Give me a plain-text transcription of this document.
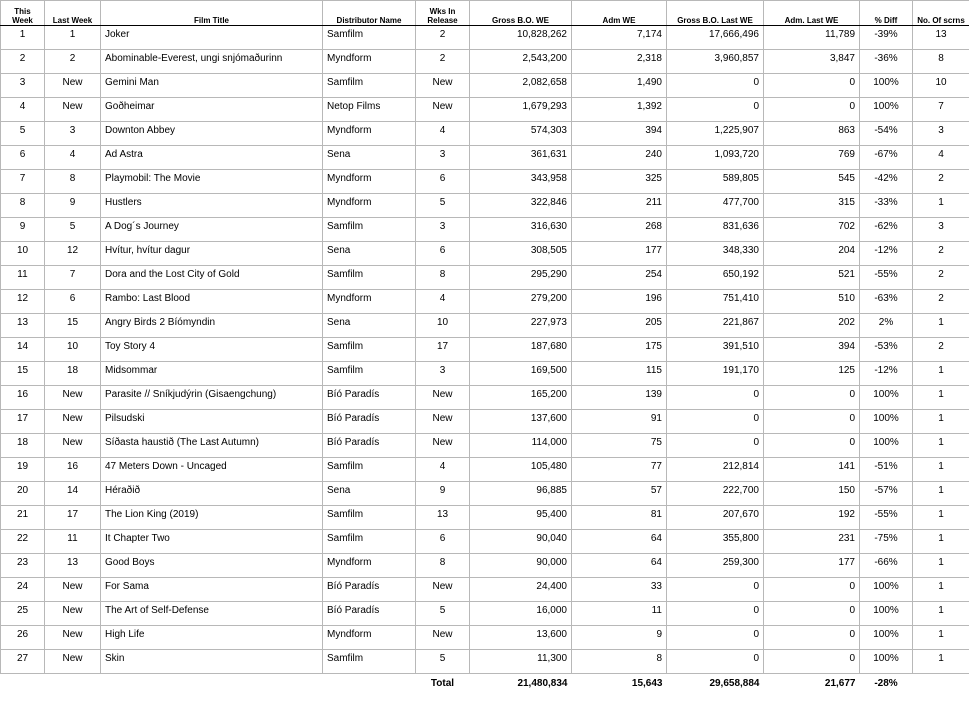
This Week	Last Week	Film Title	Distributor Name	Wks In Release	Gross B.O. WE	Adm WE	Gross B.O. Last WE	Adm. Last WE	% Diff	No. Of scrns
1	1	Joker	Samfilm	2	10,828,262	7,174	17,666,496	11,789	-39%	13
2	2	Abominable-Everest, ungi snjómaðurinn	Myndform	2	2,543,200	2,318	3,960,857	3,847	-36%	8
3	New	Gemini Man	Samfilm	New	2,082,658	1,490	0	0	100%	10
4	New	Goðheimar	Netop Films	New	1,679,293	1,392	0	0	100%	7
5	3	Downton Abbey	Myndform	4	574,303	394	1,225,907	863	-54%	3
6	4	Ad Astra	Sena	3	361,631	240	1,093,720	769	-67%	4
7	8	Playmobil: The Movie	Myndform	6	343,958	325	589,805	545	-42%	2
8	9	Hustlers	Myndform	5	322,846	211	477,700	315	-33%	1
9	5	A Dog´s Journey	Samfilm	3	316,630	268	831,636	702	-62%	3
10	12	Hvítur, hvítur dagur	Sena	6	308,505	177	348,330	204	-12%	2
11	7	Dora and the Lost City of Gold	Samfilm	8	295,290	254	650,192	521	-55%	2
12	6	Rambo: Last Blood	Myndform	4	279,200	196	751,410	510	-63%	2
13	15	Angry Birds 2 Bíómyndin	Sena	10	227,973	205	221,867	202	2%	1
14	10	Toy Story 4	Samfilm	17	187,680	175	391,510	394	-53%	2
15	18	Midsommar	Samfilm	3	169,500	115	191,170	125	-12%	1
16	New	Parasite // Sníkjudýrin (Gisaengchung)	Bíó Paradís	New	165,200	139	0	0	100%	1
17	New	Pilsudski	Bíó Paradís	New	137,600	91	0	0	100%	1
18	New	Síðasta haustið (The Last Autumn)	Bíó Paradís	New	114,000	75	0	0	100%	1
19	16	47 Meters Down - Uncaged	Samfilm	4	105,480	77	212,814	141	-51%	1
20	14	Héraðið	Sena	9	96,885	57	222,700	150	-57%	1
21	17	The Lion King (2019)	Samfilm	13	95,400	81	207,670	192	-55%	1
22	11	It Chapter Two	Samfilm	6	90,040	64	355,800	231	-75%	1
23	13	Good Boys	Myndform	8	90,000	64	259,300	177	-66%	1
24	New	For Sama	Bíó Paradís	New	24,400	33	0	0	100%	1
25	New	The Art of Self-Defense	Bíó Paradís	5	16,000	11	0	0	100%	1
26	New	High Life	Myndform	New	13,600	9	0	0	100%	1
27	New	Skin	Samfilm	5	11,300	8	0	0	100%	1
				Total	21,480,834	15,643	29,658,884	21,677	-28%	
